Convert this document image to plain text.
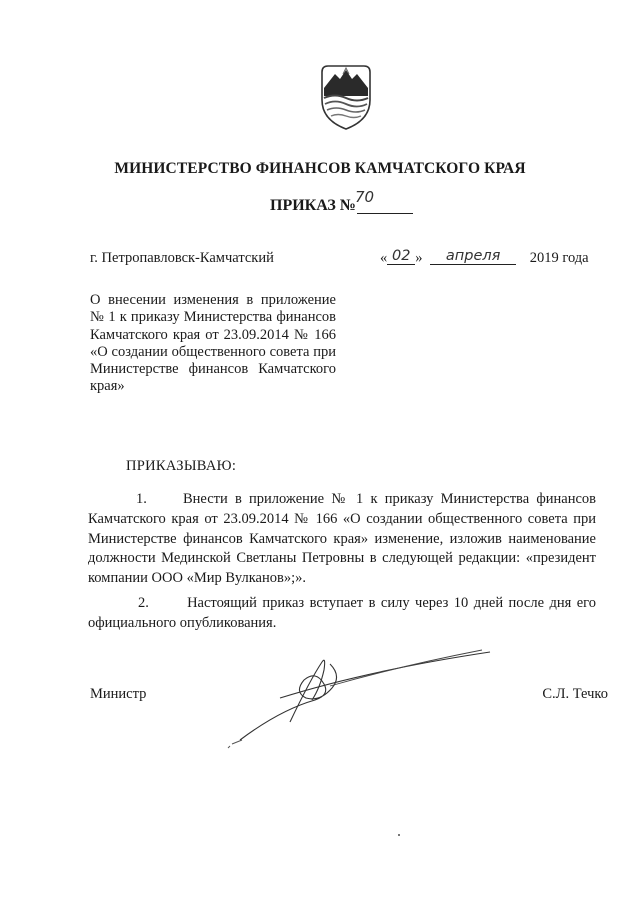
МИНИСТЕРСТВО ФИНАНСОВ КАМЧАТСКОГО КРАЯ
ПРИКАЗ № 70
г. Петропавловск-Камчатский	« 02 » апреля 2019 года
О внесении изменения в приложение № 1 к приказу Министерства финансов Камчатского края от 23.09.2014 № 166 «О создании общественного совета при Министерстве финансов Камчатского края»
ПРИКАЗЫВАЮ:
1. Внести в приложение № 1 к приказу Министерства финансов Камчатского края от 23.09.2014 № 166 «О создании общественного совета при Министерстве финансов Камчатского края» изменение, изложив наименование должности Мединской Светланы Петровны в следующей редакции: «президент компании ООО «Мир Вулканов»;».
2.	Настоящий приказ вступает в силу через 10 дней после дня его официального опубликования.
Министр	С.Л. Течко
